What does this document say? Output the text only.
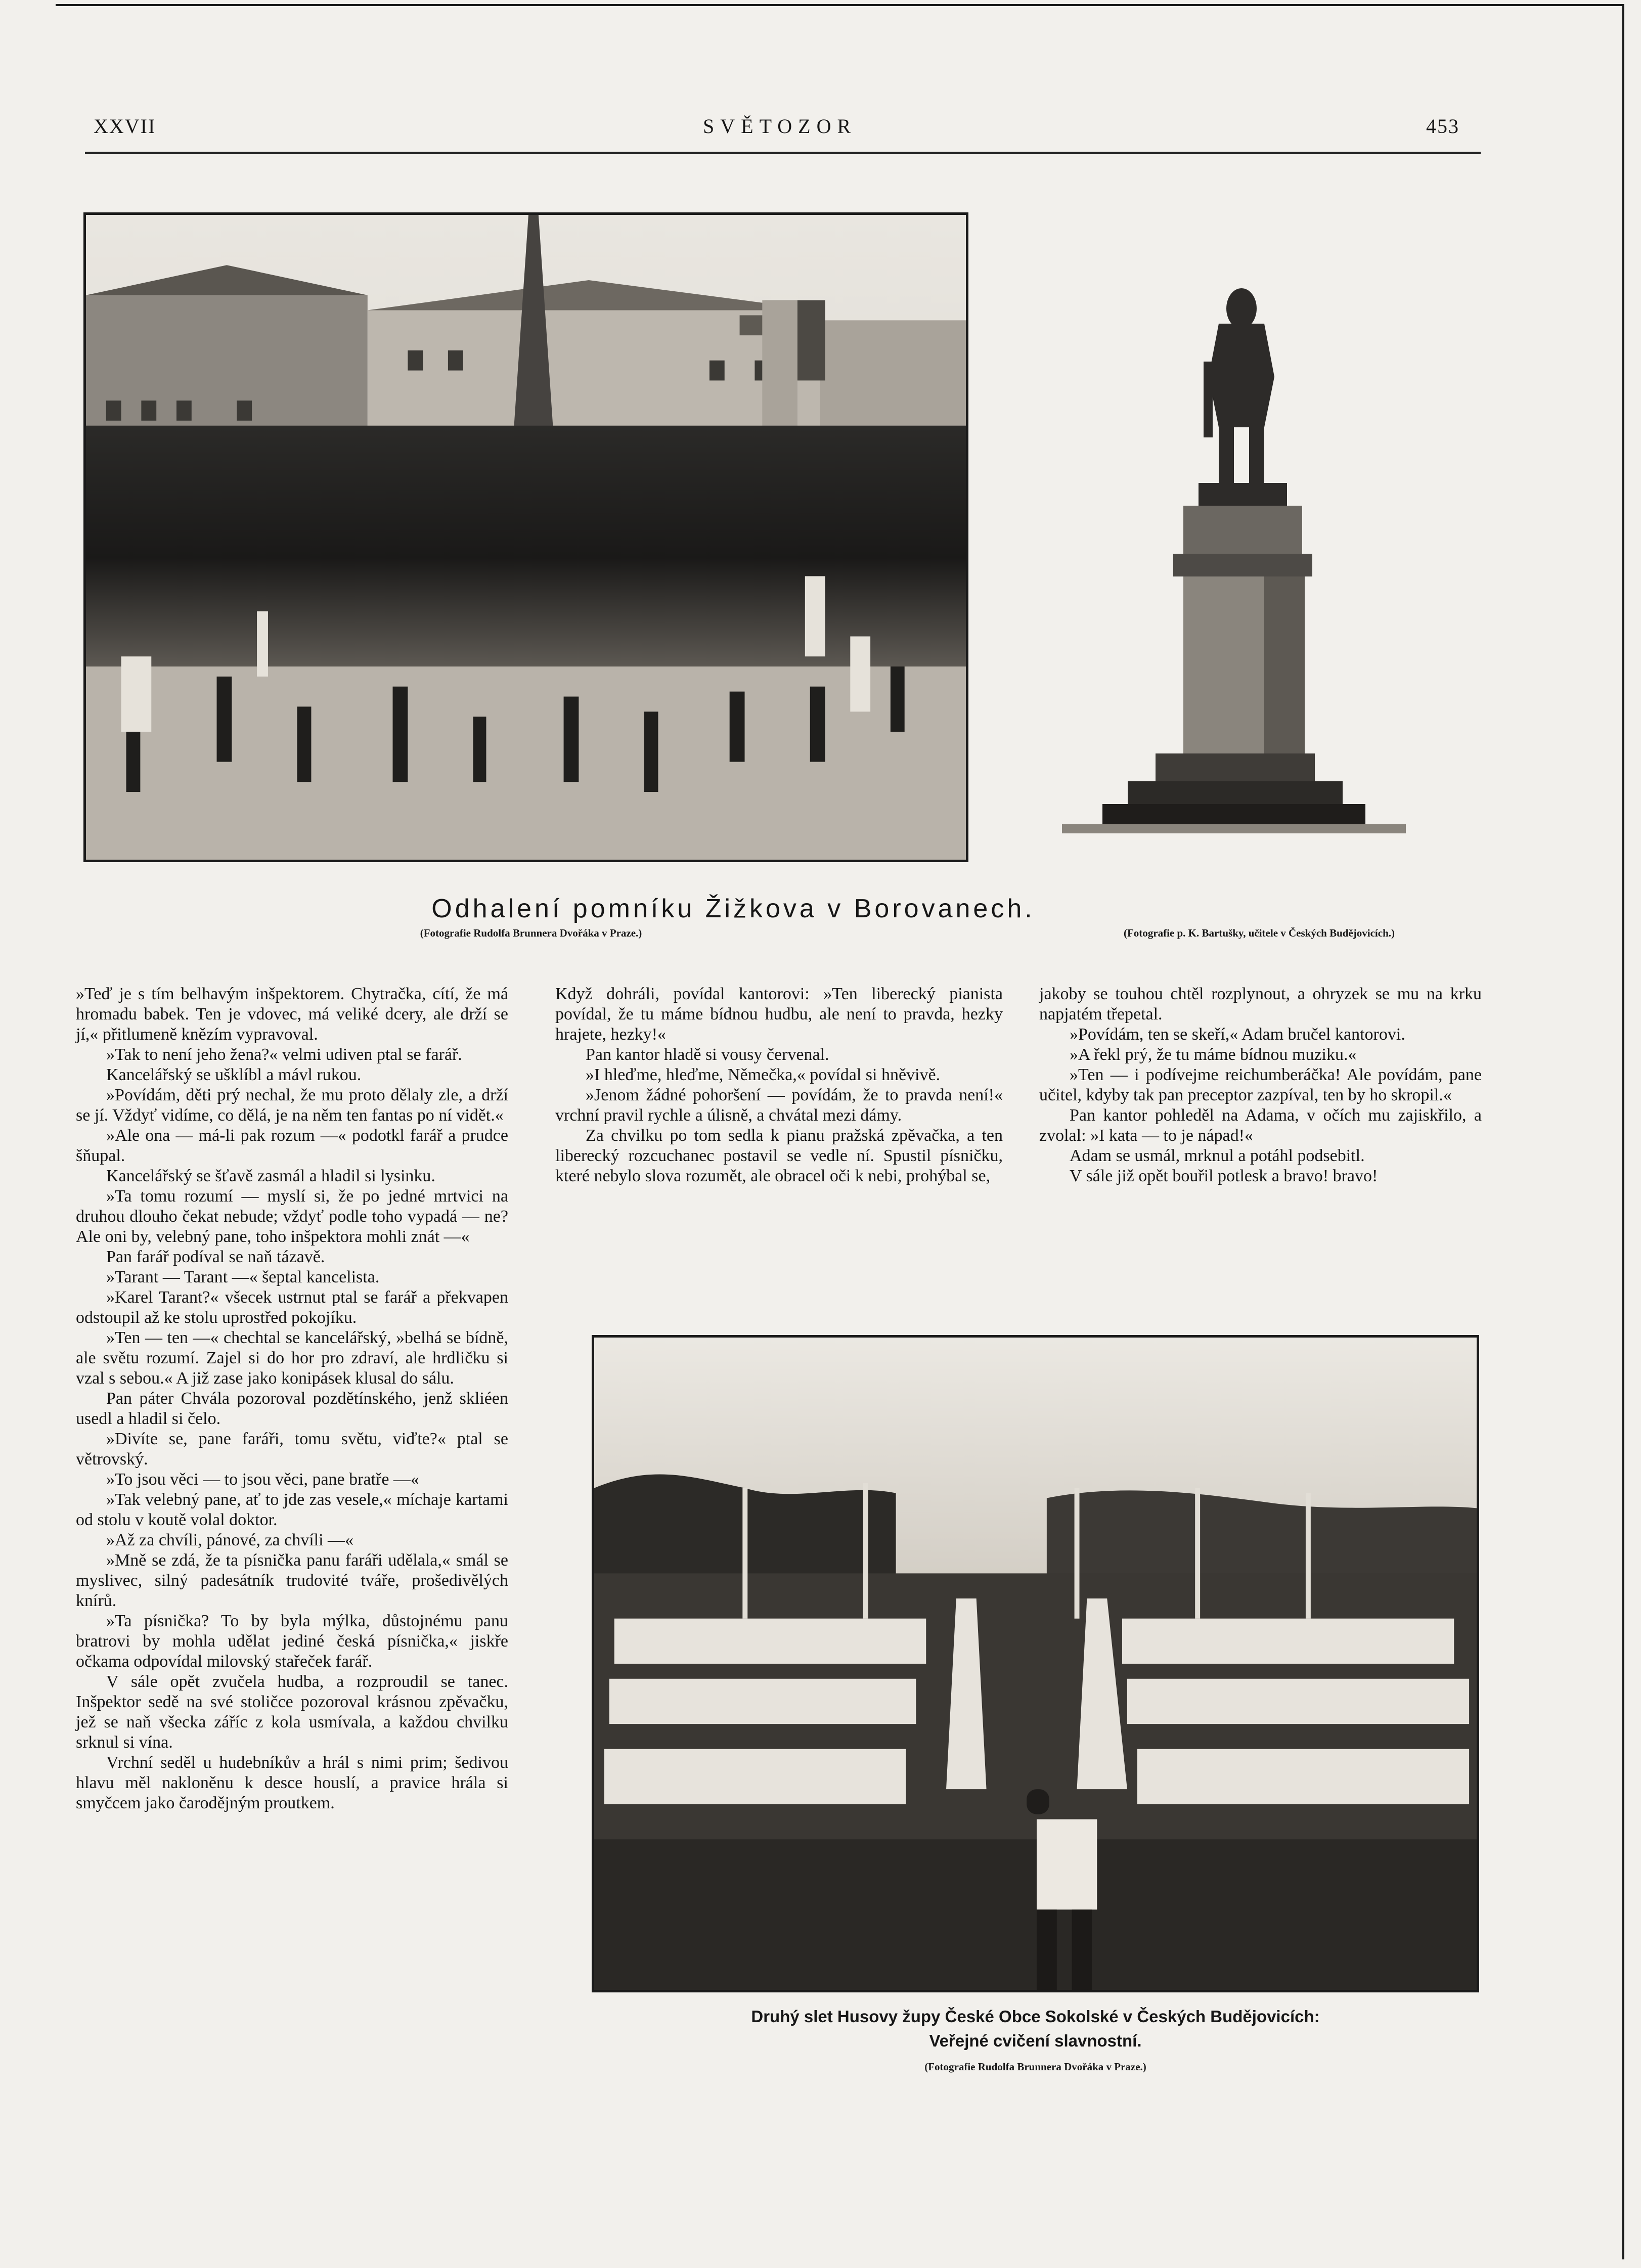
XXVII	SVĚTOZOR	453
Odhalení pomníku Žižkova v Borovanech.
(Fotografie Rudolfa Brunnera Dvořáka v Praze.)	(Fotografie p. K. Bartušky, učitele v Českých Budějovicích.)

»Teď je s tím belhavým inšpektorem. Chytračka, cítí, že má hromadu babek. Ten je vdovec, má veliké dcery, ale drží se jí,« přitlumeně knězím vypravoval.

»Tak to není jeho žena?« velmi udiven ptal se farář.

Kancelářský se ušklíbl a mávl rukou.

»Povídám, děti prý nechal, že mu proto dělaly zle, a drží se jí. Vždyť vidíme, co dělá, je na něm ten fantas po ní vidět.«

»Ale ona — má-li pak rozum —« podotkl farář a prudce šňupal.

Kancelářský se šťavě zasmál a hladil si lysinku.

»Ta tomu rozumí — myslí si, že po jedné mrtvici na druhou dlouho čekat nebude; vždyť podle toho vypadá — ne? Ale oni by, velebný pane, toho inšpektora mohli znát —«

Pan farář podíval se naň tázavě.

»Tarant — Tarant —« šeptal kancelista.

»Karel Tarant?« všecek ustrnut ptal se farář a překvapen odstoupil až ke stolu uprostřed pokojíku.

»Ten — ten —« chechtal se kancelářský, »belhá se bídně, ale světu rozumí. Zajel si do hor pro zdraví, ale hrdličku si vzal s sebou.« A již zase jako konipásek klusal do sálu.

Pan páter Chvála pozoroval pozdětínského, jenž skliéen usedl a hladil si čelo.

»Divíte se, pane faráři, tomu světu, viďte?« ptal se větrovský.

»To jsou věci — to jsou věci, pane bratře —«

»Tak velebný pane, ať to jde zas vesele,« míchaje kartami od stolu v koutě volal doktor.

»Až za chvíli, pánové, za chvíli —«

»Mně se zdá, že ta písnička panu faráři udělala,« smál se myslivec, silný padesátník trudovité tváře, prošedivělých knírů.

»Ta písnička? To by byla mýlka, důstojnému panu bratrovi by mohla udělat jediné česká písnička,« jiskře očkama odpovídal milovský stařeček farář.

V sále opět zvučela hudba, a rozproudil se tanec. Inšpektor sedě na své stoličce pozoroval krásnou zpěvačku, jež se naň všecka záříc z kola usmívala, a každou chvilku srknul si vína.

Vrchní seděl u hudebníkův a hrál s nimi prim; šedivou hlavu měl nakloněnu k desce houslí, a pravice hrála si smyčcem jako čarodějným proutkem.

Když dohráli, povídal kantorovi: »Ten liberecký pianista povídal, že tu máme bídnou hudbu, ale není to pravda, hezky hrajete, hezky!«

Pan kantor hladě si vousy červenal.

»I hleďme, hleďme, Němečka,« povídal si hněvivě.

»Jenom žádné pohoršení — povídám, že to pravda není!« vrchní pravil rychle a úlisně, a chvátal mezi dámy.

Za chvilku po tom sedla k pianu pražská zpěvačka, a ten liberecký rozcuchanec postavil se vedle ní. Spustil písničku, které nebylo slova rozumět, ale obracel oči k nebi, prohýbal se,

jakoby se touhou chtěl rozplynout, a ohryzek se mu na krku napjatém třepetal.

»Povídám, ten se skeří,« Adam bručel kantorovi.

»A řekl prý, že tu máme bídnou muziku.«

»Ten — i podívejme reichumberáčka! Ale povídám, pane učitel, kdyby tak pan preceptor zazpíval, ten by ho skropil.«

Pan kantor pohleděl na Adama, v očích mu zajiskřilo, a zvolal: »I kata — to je nápad!«

Adam se usmál, mrknul a potáhl podsebitl.

V sále již opět bouřil potlesk a bravo! bravo!

Druhý slet Husovy župy České Obce Sokolské v Českých Budějovicích:
Veřejné cvičení slavnostní.
(Fotografie Rudolfa Brunnera Dvořáka v Praze.)
